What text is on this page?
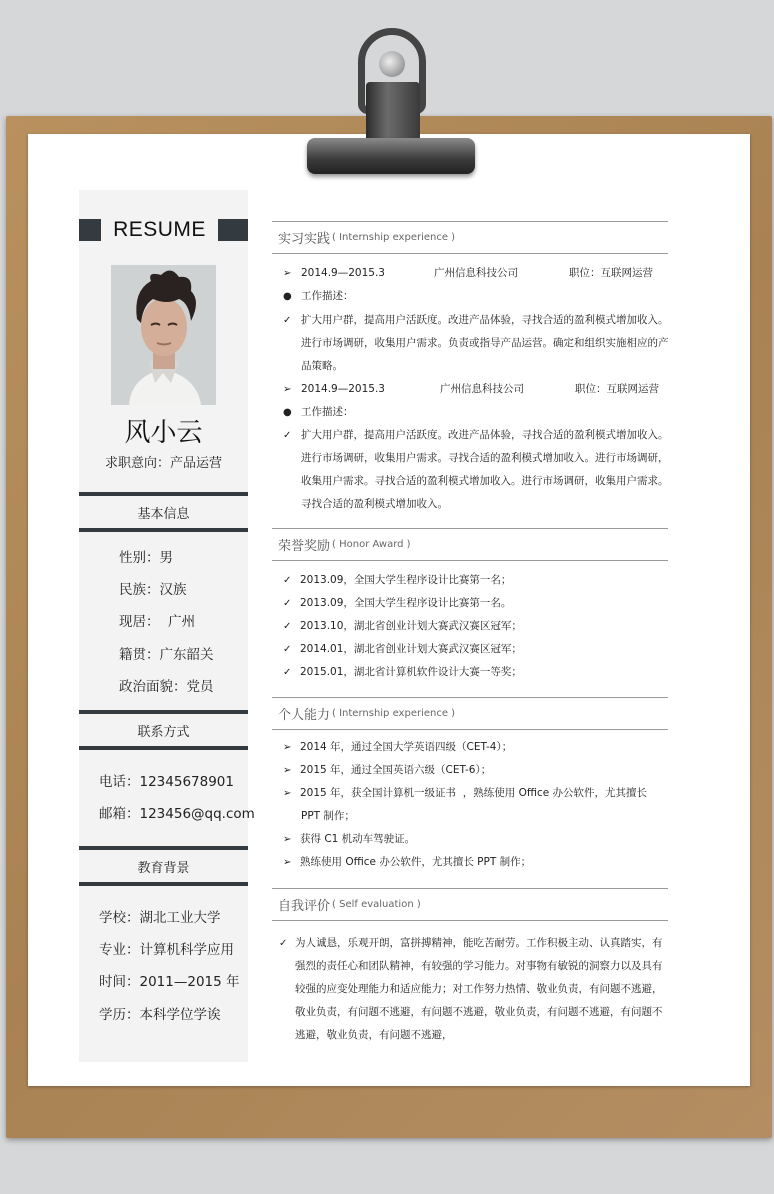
RESUME
风小云
求职意向：产品运营
基本信息
性别：男
民族：汉族
现居：  广州
籍贯：广东韶关
政治面貌：党员
联系方式
电话：12345678901
邮箱：123456@qq.com
教育背景
学校：湖北工业大学
专业：计算机科学应用
时间：2011—2015 年
学历：本科学位学诶
实习实践 ( Internship experience )
➢ 2014.9—2015.3	广州信息科技公司	职位：互联网运营
● 工作描述：
✓ 扩大用户群，提高用户活跃度。改进产品体验，寻找合适的盈利模式增加收入。
进行市场调研，收集用户需求。负责或指导产品运营。确定和组织实施相应的产
品策略。
➢ 2014.9—2015.3	广州信息科技公司	职位：互联网运营
● 工作描述：
✓ 扩大用户群，提高用户活跃度。改进产品体验，寻找合适的盈利模式增加收入。
进行市场调研，收集用户需求。寻找合适的盈利模式增加收入。进行市场调研，
收集用户需求。寻找合适的盈利模式增加收入。进行市场调研，收集用户需求。
寻找合适的盈利模式增加收入。
荣誉奖励 ( Honor Award )
✓ 2013.09，全国大学生程序设计比赛第一名；
✓ 2013.09，全国大学生程序设计比赛第一名。
✓ 2013.10，湖北省创业计划大赛武汉赛区冠军；
✓ 2014.01，湖北省创业计划大赛武汉赛区冠军；
✓ 2015.01，湖北省计算机软件设计大赛一等奖；
个人能力 ( Internship experience )
➢ 2014 年，通过全国大学英语四级（CET-4）；
➢ 2015 年，通过全国英语六级（CET-6）；
➢ 2015 年，获全国计算机一级证书  ，熟练使用 Office 办公软件，尤其擅长
PPT 制作；
➢ 获得 C1 机动车驾驶证。
➢ 熟练使用 Office 办公软件，尤其擅长 PPT 制作；
自我评价 ( Self evaluation )
✓ 为人诚恳，乐观开朗，富拼搏精神，能吃苦耐劳。工作积极主动、认真踏实，有
强烈的责任心和团队精神，有较强的学习能力。对事物有敏锐的洞察力以及具有
较强的应变处理能力和适应能力；对工作努力热情、敬业负责，有问题不逃避，
敬业负责，有问题不逃避，有问题不逃避，敬业负责，有问题不逃避，有问题不
逃避，敬业负责，有问题不逃避，
